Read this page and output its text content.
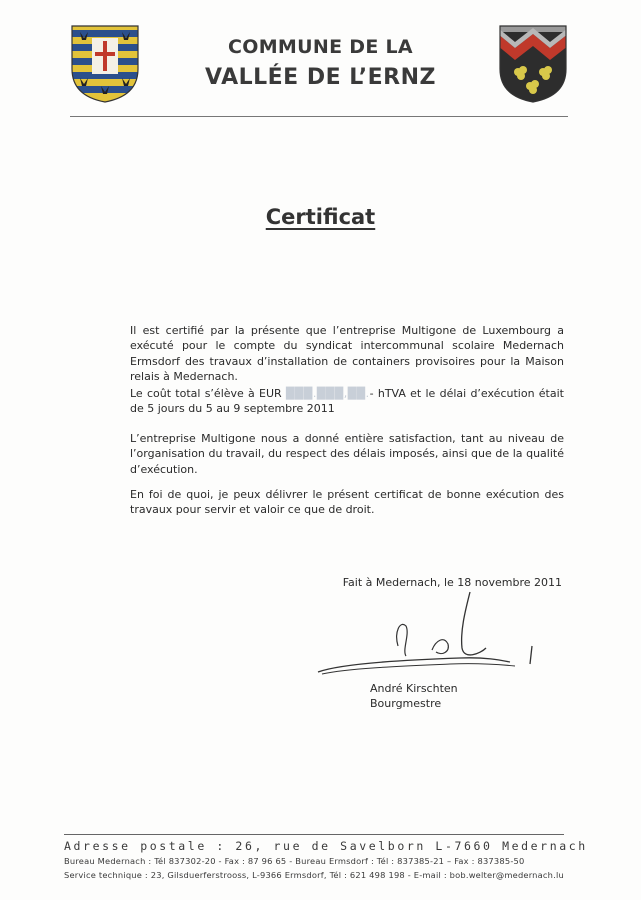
COMMUNE DE LA
VALLÉE DE L’ERNZ
Certificat

Il est certifié par la présente que l’entreprise Multigone de Luxembourg a exécuté pour le compte du syndicat intercommunal scolaire Medernach Ermsdorf des travaux d’installation de containers provisoires pour la Maison relais à Medernach.

Le coût total s’élève à EUR ███.███,██.- hTVA et le délai d’exécution était de 5 jours du 5 au 9 septembre 2011

L’entreprise Multigone nous a donné entière satisfaction, tant au niveau de l’organisation du travail, du respect des délais imposés, ainsi que de la qualité d’exécution.

En foi de quoi, je peux délivrer le présent certificat de bonne exécution des travaux pour servir et valoir ce que de droit.

Fait à Medernach, le 18 novembre 2011
André Kirschten
Bourgmestre
Adresse postale : 26, rue de Savelborn L-7660 Medernach
Bureau Medernach : Tél 837302-20 - Fax : 87 96 65 - Bureau Ermsdorf : Tél : 837385-21 – Fax : 837385-50
Service technique : 23, Gilsduerferstrooss, L-9366 Ermsdorf, Tél : 621 498 198 - E-mail : bob.welter@medernach.lu
